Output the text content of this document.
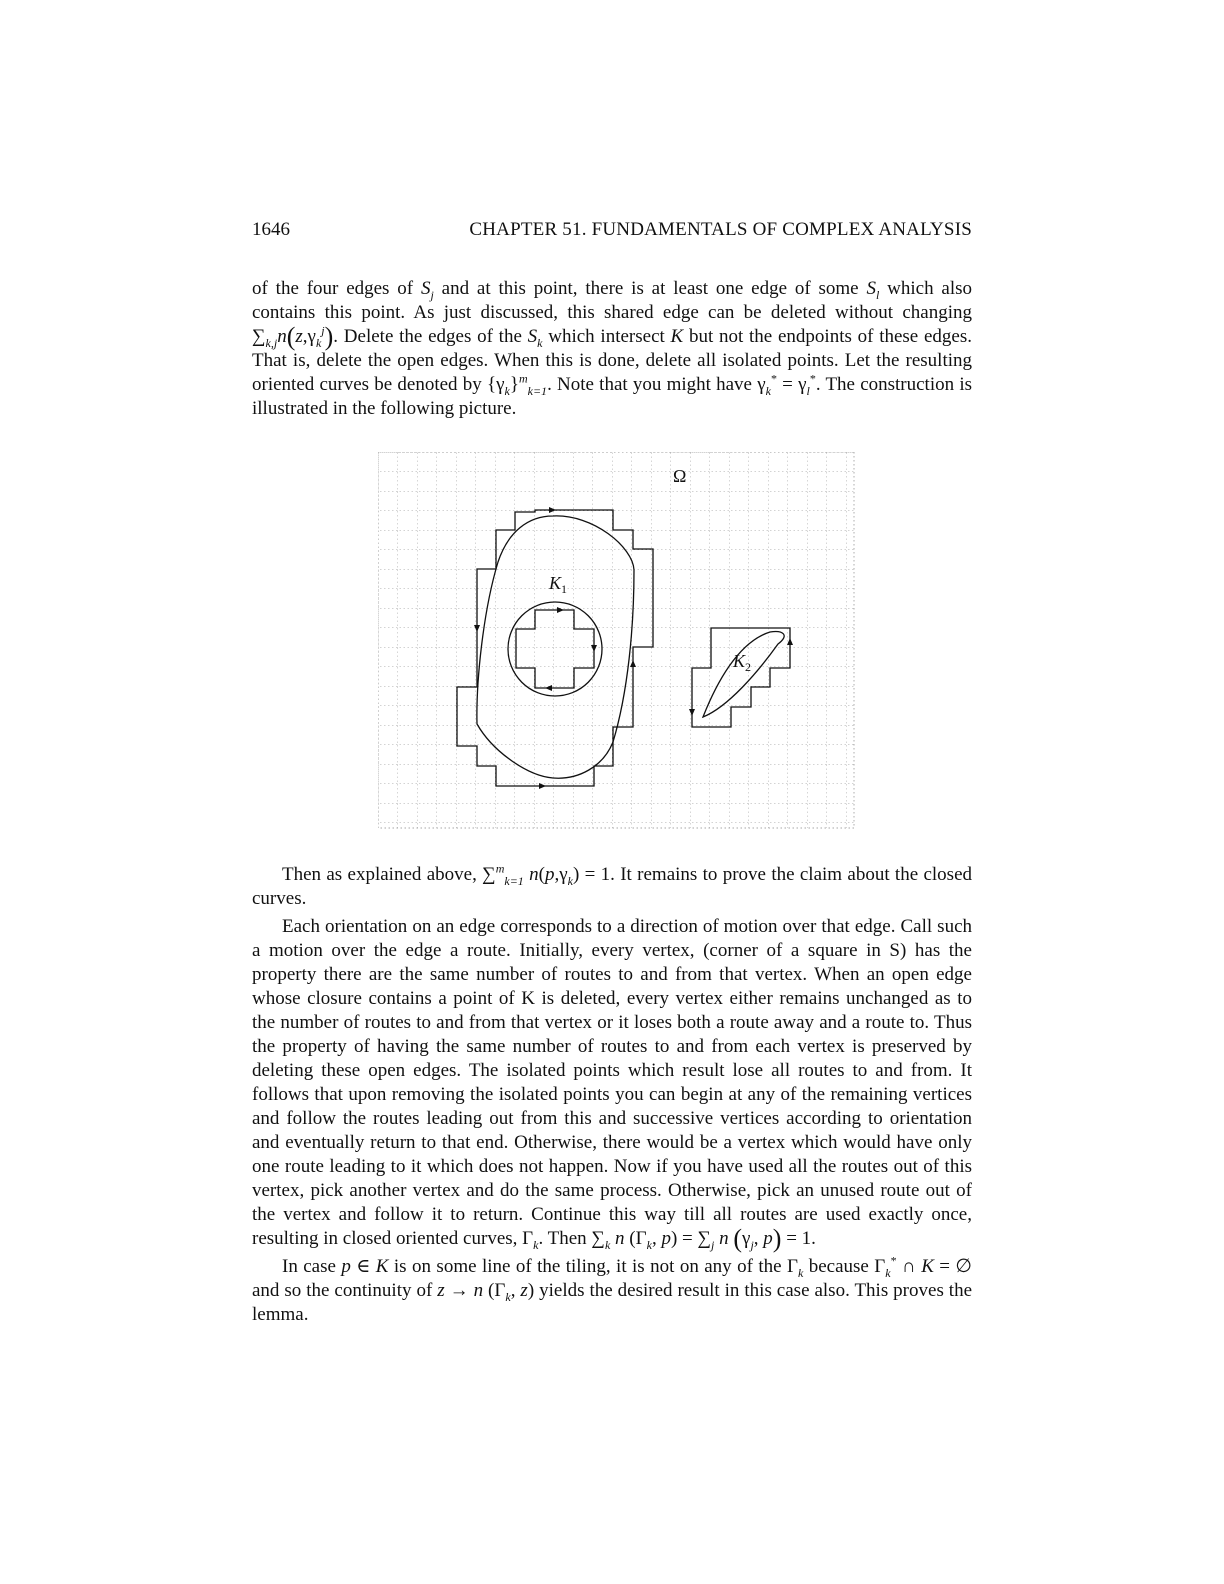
1646	CHAPTER 51. FUNDAMENTALS OF COMPLEX ANALYSIS

of the four edges of $S_j$ and at this point, there is at least one edge of some $S_l$ which also contains this point. As just discussed, this shared edge can be deleted without changing $\sum_{k,j}n(z,\gamma_k^j)$. Delete the edges of the $S_k$ which intersect K but not the endpoints of these edges. That is, delete the open edges. When this is done, delete all isolated points. Let the resulting oriented curves be denoted by $\{\gamma_k\}^m_{k=1}$. Note that you might have $\gamma_k^* = \gamma_l^*$. The construction is illustrated in the following picture.

Ω
$K_1$
$K_2$

Then as explained above, ∑$^m_{k=1}$ $n(p,\gamma_k) = 1$. It remains to prove the claim about the closed curves.

Each orientation on an edge corresponds to a direction of motion over that edge. Call such a motion over the edge a route. Initially, every vertex, (corner of a square in S) has the property there are the same number of routes to and from that vertex. When an open edge whose closure contains a point of K is deleted, every vertex either remains unchanged as to the number of routes to and from that vertex or it loses both a route away and a route to. Thus the property of having the same number of routes to and from each vertex is preserved by deleting these open edges. The isolated points which result lose all routes to and from. It follows that upon removing the isolated points you can begin at any of the remaining vertices and follow the routes leading out from this and successive vertices according to orientation and eventually return to that end. Otherwise, there would be a vertex which would have only one route leading to it which does not happen. Now if you have used all the routes out of this vertex, pick another vertex and do the same process. Otherwise, pick an unused route out of the vertex and follow it to return. Continue this way till all routes are used exactly once, resulting in closed oriented curves, $\Gamma_k$. Then $\sum_k$ n ($\Gamma_k$, $p) = \sum_j$ n ($\gamma_j$, p) = 1.

In case p ∈ K is on some line of the tiling, it is not on any of the $\Gamma_k$ because $\Gamma_k^*$ ∩ K = ∅ and so the continuity of z → n ($\Gamma_k$, z) yields the desired result in this case also. This proves the lemma.
